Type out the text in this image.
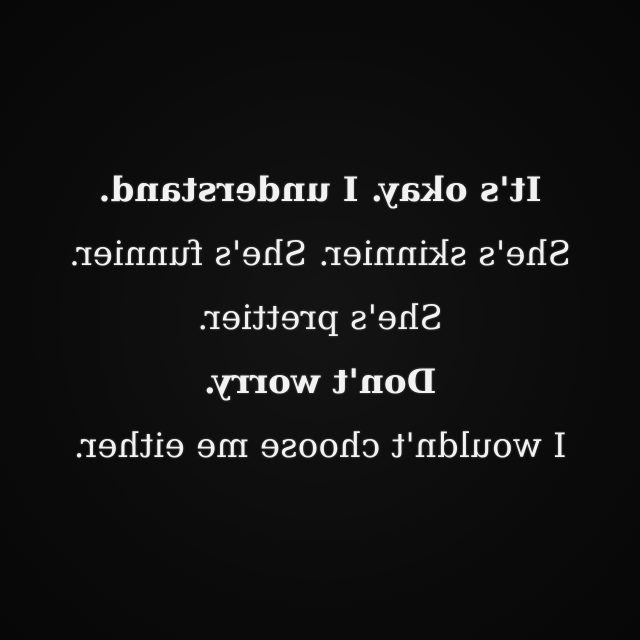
It's okay. I understand.
She's skinnier. She's funnier.
She's prettier.
Don't worry.
I wouldn't choose me either.
